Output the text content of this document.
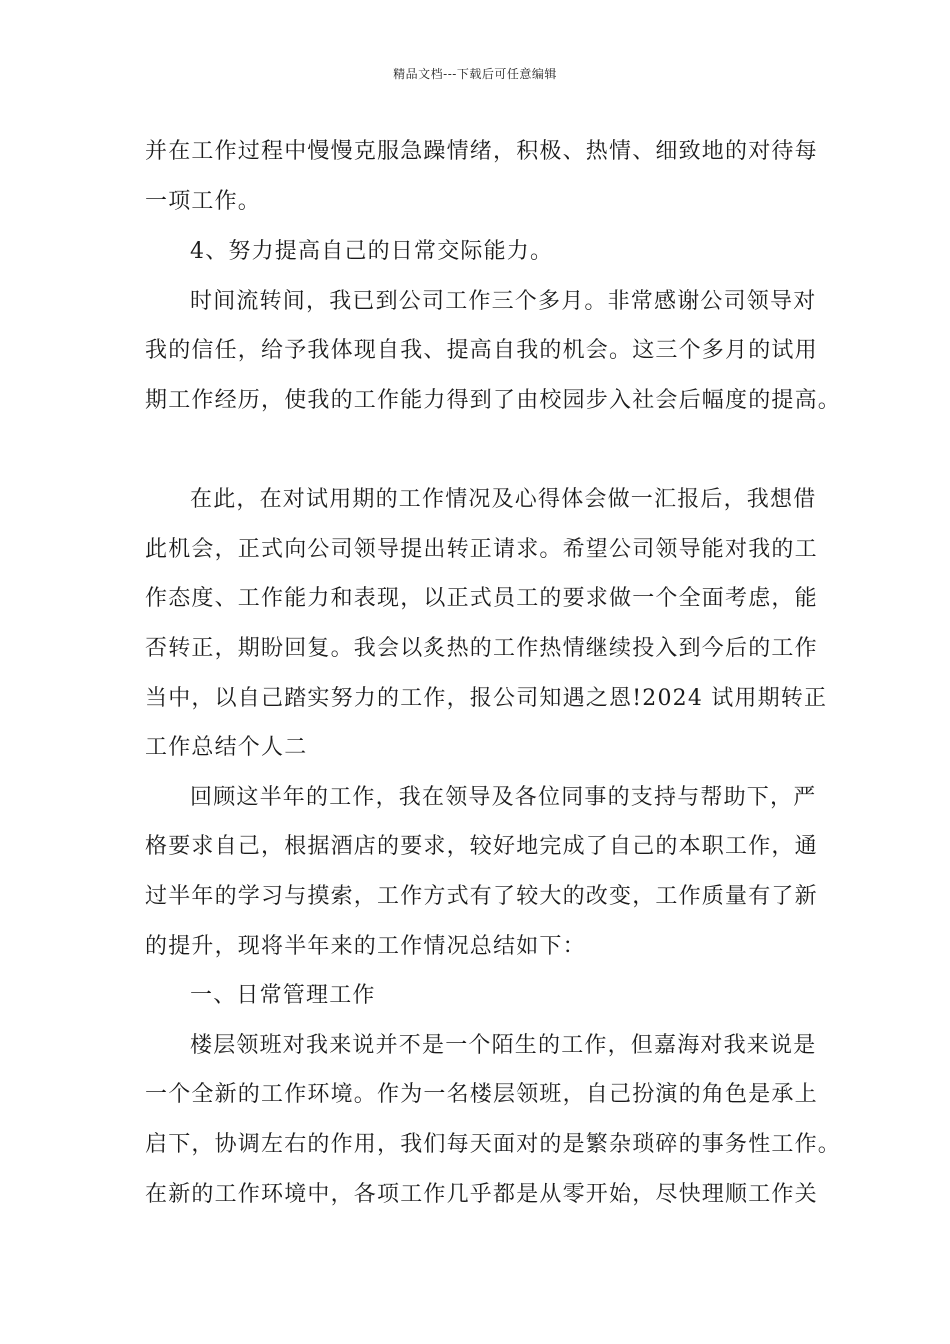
精品文档---下载后可任意编辑
并在工作过程中慢慢克服急躁情绪，积极、热情、细致地的对待每
一项工作。
4、努力提高自己的日常交际能力。
时间流转间，我已到公司工作三个多月。非常感谢公司领导对
我的信任，给予我体现自我、提高自我的机会。这三个多月的试用
期工作经历，使我的工作能力得到了由校园步入社会后幅度的提高。
在此，在对试用期的工作情况及心得体会做一汇报后，我想借
此机会，正式向公司领导提出转正请求。希望公司领导能对我的工
作态度、工作能力和表现，以正式员工的要求做一个全面考虑，能
否转正，期盼回复。我会以炙热的工作热情继续投入到今后的工作
当中，以自己踏实努力的工作，报公司知遇之恩!2024 试用期转正
工作总结个人二
回顾这半年的工作，我在领导及各位同事的支持与帮助下，严
格要求自己，根据酒店的要求，较好地完成了自己的本职工作，通
过半年的学习与摸索，工作方式有了较大的改变，工作质量有了新
的提升，现将半年来的工作情况总结如下：
一、日常管理工作
楼层领班对我来说并不是一个陌生的工作，但嘉海对我来说是
一个全新的工作环境。作为一名楼层领班，自己扮演的角色是承上
启下，协调左右的作用，我们每天面对的是繁杂琐碎的事务性工作。
在新的工作环境中，各项工作几乎都是从零开始，尽快理顺工作关
